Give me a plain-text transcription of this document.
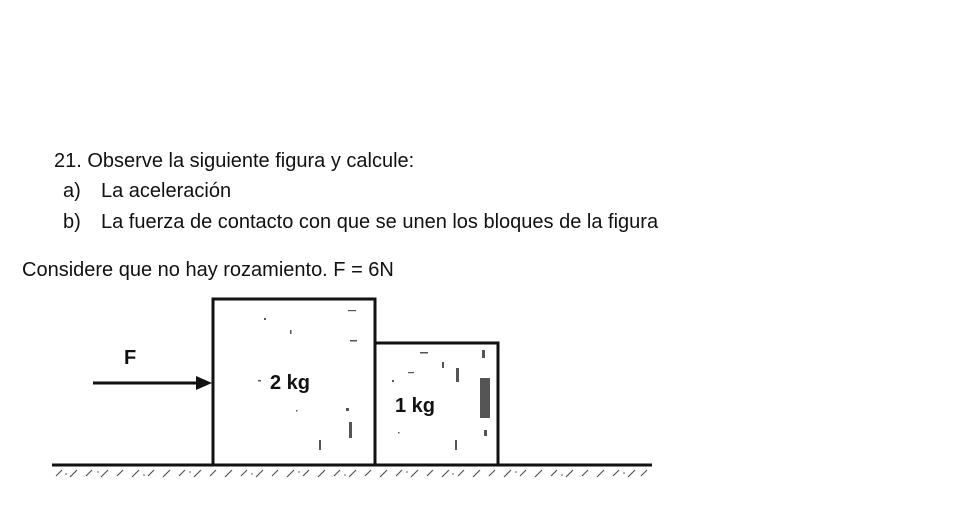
21. Observe la siguiente figura y calcule:
a) La aceleración
b) La fuerza de contacto con que se unen los bloques de la figura
Considere que no hay rozamiento. F = 6N
2 kg
1 kg
F
